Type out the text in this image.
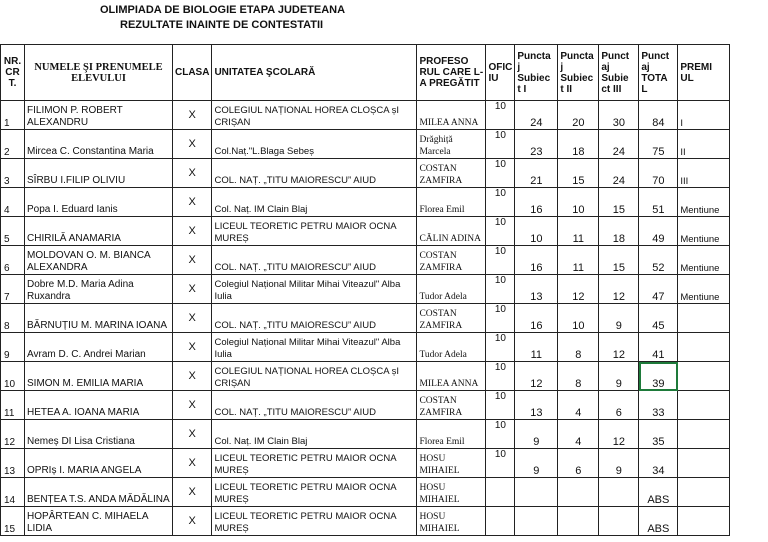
OLIMPIADA DE BIOLOGIE ETAPA JUDETEANA
REZULTATE INAINTE DE CONTESTATII
NR. CR T.	NUMELE ŞI PRENUMELE ELEVULUI	CLASA	UNITATEA ŞCOLARĂ	PROFESO RUL CARE L-A PREGĂTIT	OFIC IU	Puncta j Subiec t I	Puncta j Subiec t II	Punct aj Subie ct III	Punct aj TOTA L	PREMI UL
1	FILIMON P. ROBERT ALEXANDRU	X	COLEGIUL NAȚIONAL HOREA CLOȘCA șI CRIȘAN	MILEA ANNA	10	24	20	30	84	I
2	Mircea C. Constantina Maria	X	Col.Naț."L.Blaga Sebeș	Drăghiță Marcela	10	23	18	24	75	II
3	SÎRBU I.FILIP OLIVIU	X	COL. NAȚ. „TITU MAIORESCU” AIUD	COSTAN ZAMFIRA	10	21	15	24	70	III
4	Popa I. Eduard Ianis	X	Col. Naț. IM Clain Blaj	Florea Emil	10	16	10	15	51	Mentiune
5	CHIRILĂ ANAMARIA	X	LICEUL TEORETIC PETRU MAIOR OCNA MUREȘ	CĂLIN ADINA	10	10	11	18	49	Mentiune
6	MOLDOVAN O. M. BIANCA ALEXANDRA	X	COL. NAȚ. „TITU MAIORESCU” AIUD	COSTAN ZAMFIRA	10	16	11	15	52	Mentiune
7	Dobre M.D. Maria Adina Ruxandra	X	Colegiul Național Militar Mihai Viteazul" Alba Iulia	Tudor Adela	10	13	12	12	47	Mentiune
8	BĂRNUȚIU M. MARINA IOANA	X	COL. NAȚ. „TITU MAIORESCU” AIUD	COSTAN ZAMFIRA	10	16	10	9	45	
9	Avram D. C. Andrei Marian	X	Colegiul Național Militar Mihai Viteazul" Alba Iulia	Tudor Adela	10	11	8	12	41	
10	SIMON M. EMILIA MARIA	X	COLEGIUL NAȚIONAL HOREA CLOȘCA șI CRIȘAN	MILEA ANNA	10	12	8	9	39	
11	HETEA A. IOANA MARIA	X	COL. NAȚ. „TITU MAIORESCU” AIUD	COSTAN ZAMFIRA	10	13	4	6	33	
12	Nemeș DI Lisa Cristiana	X	Col. Naț. IM Clain Blaj	Florea Emil	10	9	4	12	35	
13	OPRIș I. MARIA ANGELA	X	LICEUL TEORETIC PETRU MAIOR OCNA MUREȘ	HOSU MIHAIEL	10	9	6	9	34	
14	BENȚEA T.S. ANDA MĂDĂLINA	X	LICEUL TEORETIC PETRU MAIOR OCNA MUREȘ	HOSU MIHAIEL					ABS	
15	HOPÂRTEAN C. MIHAELA LIDIA	X	LICEUL TEORETIC PETRU MAIOR OCNA MUREȘ	HOSU MIHAIEL					ABS	
